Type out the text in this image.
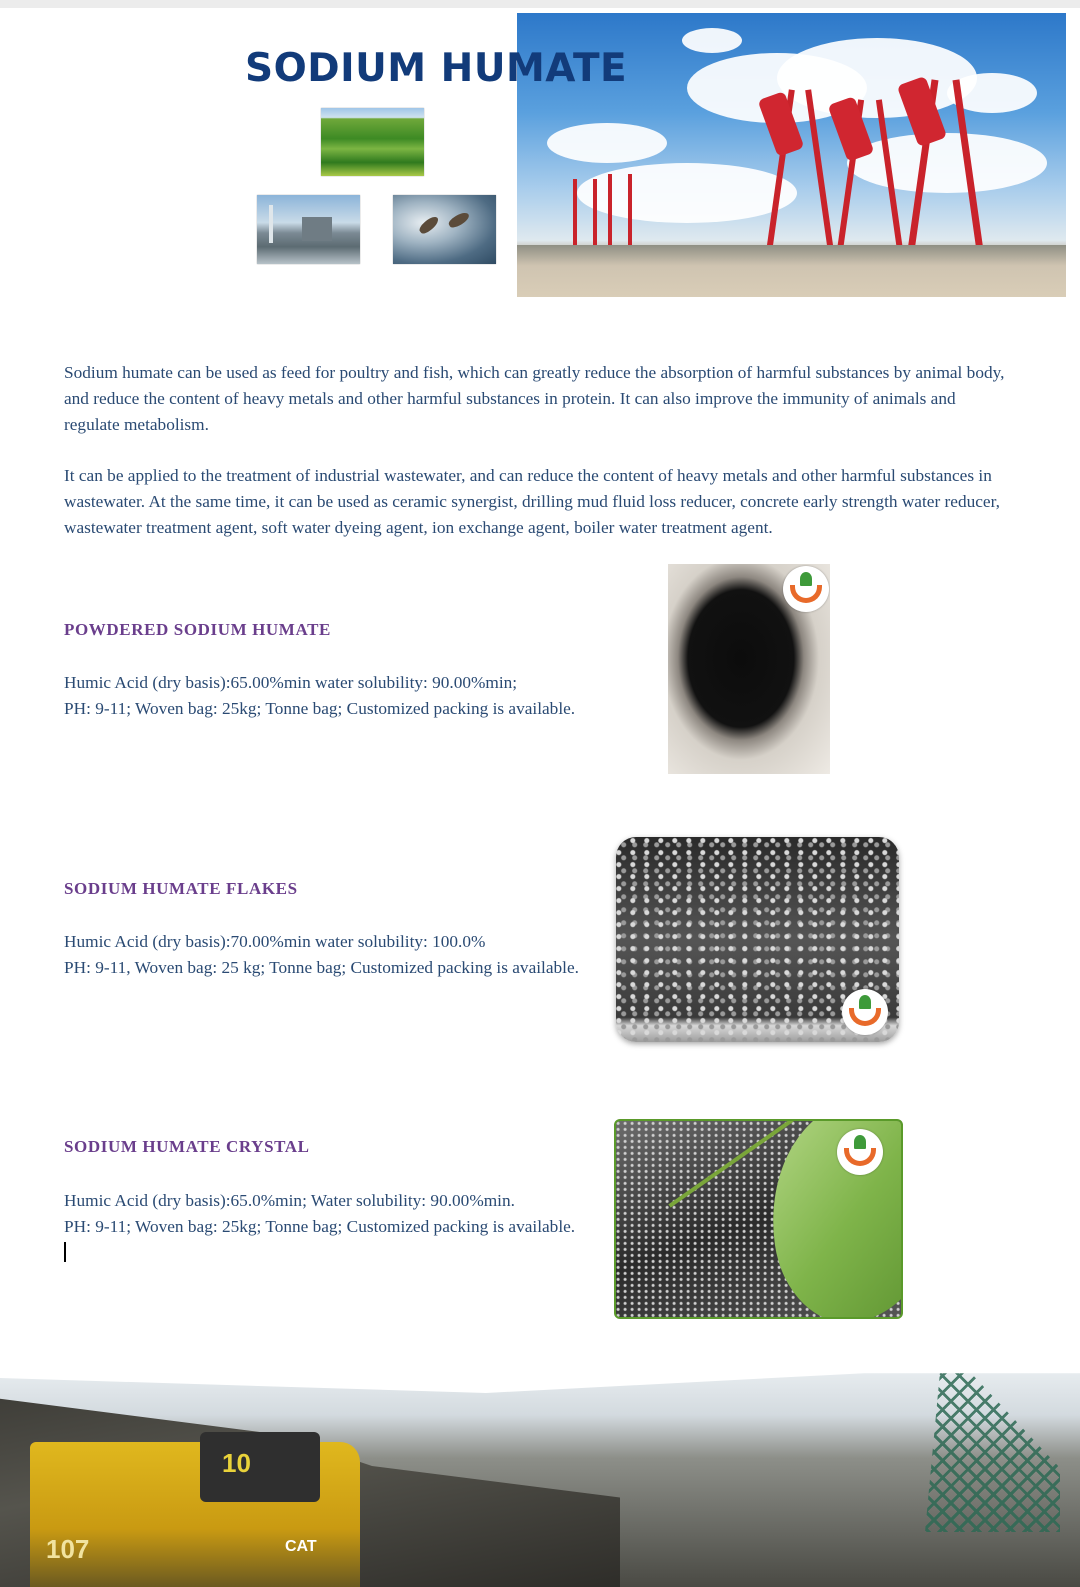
SODIUM HUMATE

Sodium humate can be used as feed for poultry and fish, which can greatly reduce the absorption of harmful substances by animal body, and reduce the content of heavy metals and other harmful substances in protein. It can also improve the immunity of animals and regulate metabolism.

It can be applied to the treatment of industrial wastewater, and can reduce the content of heavy metals and other harmful substances in wastewater. At the same time, it can be used as ceramic synergist, drilling mud fluid loss reducer, concrete early strength water reducer, wastewater treatment agent, soft water dyeing agent, ion exchange agent, boiler water treatment agent.

POWDERED SODIUM HUMATE

Humic Acid (dry basis):65.00%min water solubility: 90.00%min;

PH: 9-11; Woven bag: 25kg; Tonne bag; Customized packing is available.

SODIUM HUMATE FLAKES

Humic Acid (dry basis):70.00%min water solubility: 100.0%

PH: 9-11, Woven bag: 25 kg; Tonne bag; Customized packing is available.

SODIUM HUMATE CRYSTAL

Humic Acid (dry basis):65.0%min; Water solubility: 90.00%min.

PH: 9-11; Woven bag: 25kg; Tonne bag; Customized packing is available.

10
107	CAT
